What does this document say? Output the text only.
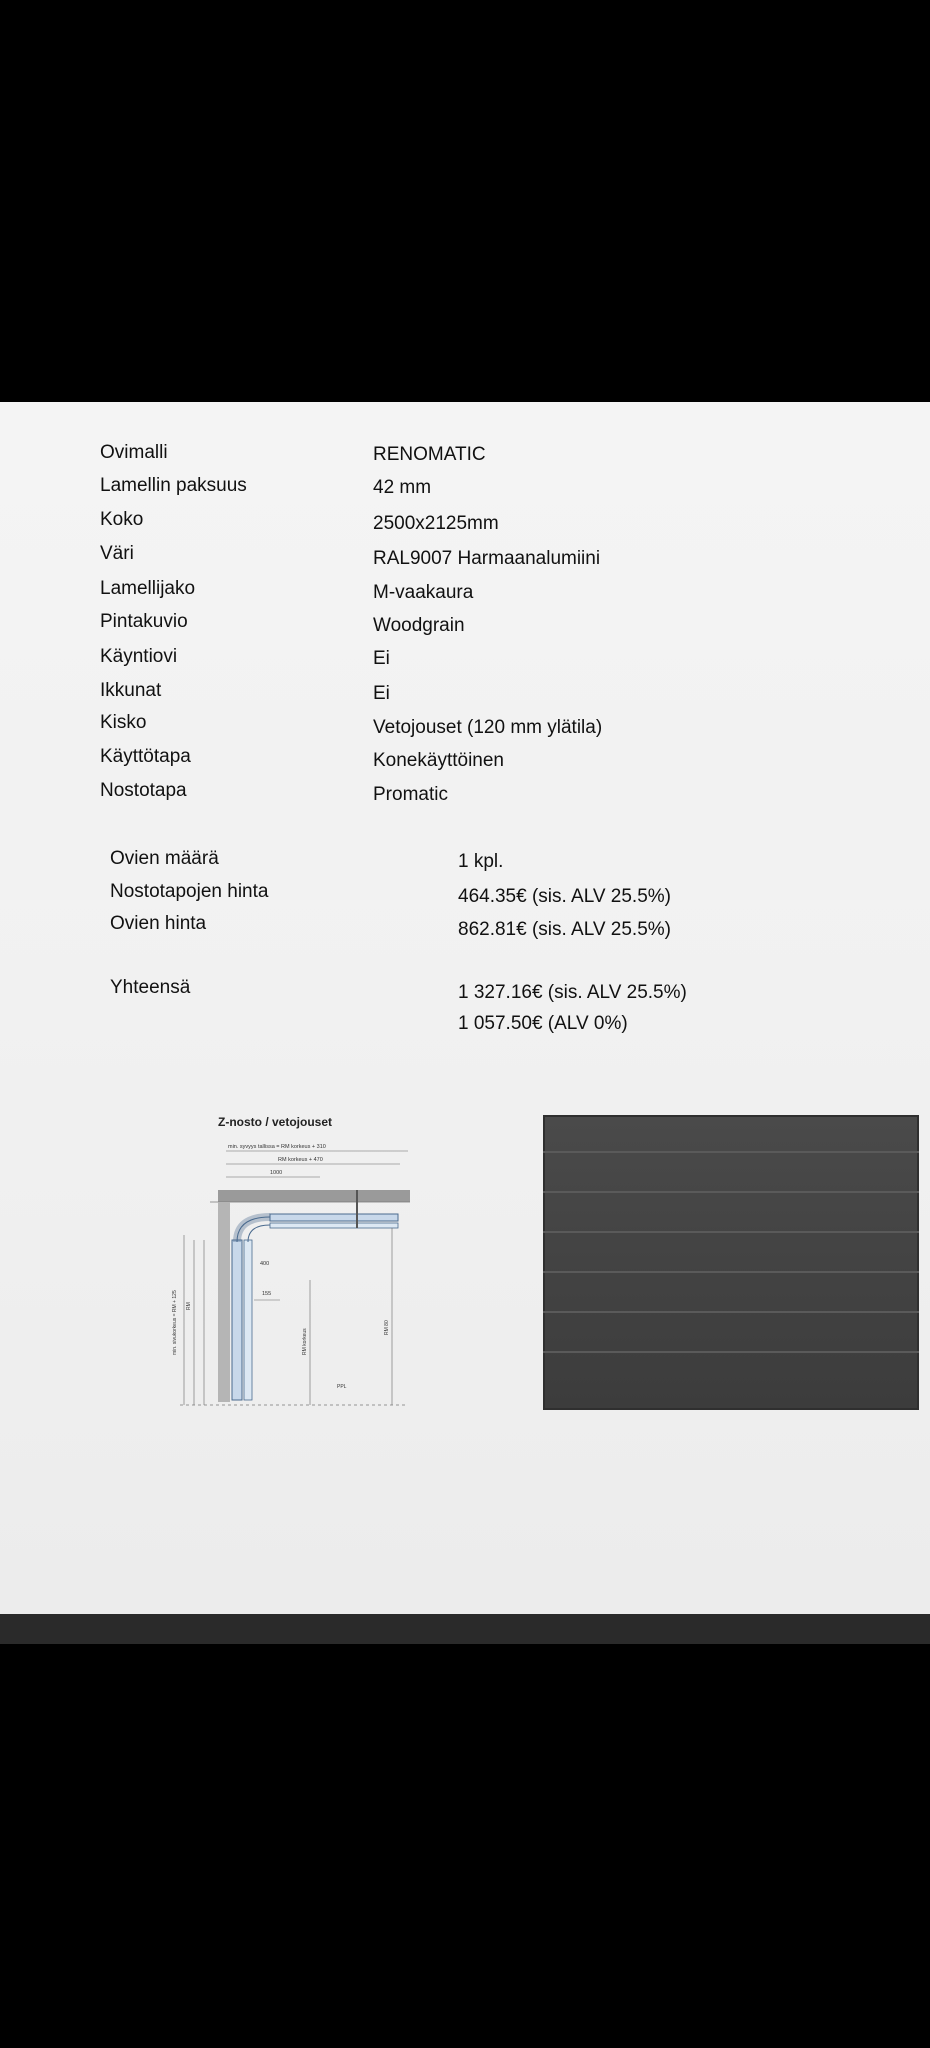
Ovimalli	RENOMATIC
Lamellin paksuus	42 mm
Koko	2500x2125mm
Väri	RAL9007 Harmaanalumiini
Lamellijako	M-vaakaura
Pintakuvio	Woodgrain
Käyntiovi	Ei
Ikkunat	Ei
Kisko	Vetojouset (120 mm ylätila)
Käyttötapa	Konekäyttöinen
Nostotapa	Promatic
Ovien määrä	1 kpl.
Nostotapojen hinta	464.35€ (sis. ALV 25.5%)
Ovien hinta	862.81€ (sis. ALV 25.5%)
Yhteensä	1 327.16€ (sis. ALV 25.5%)
1 057.50€ (ALV 0%)
Z-nosto / vetojouset
min. syvyys tallissa = RM korkeus + 310
RM korkeus + 470
1000
400
155
min. sivukorkeus = RM + 125 RM
RM korkeus
RM 80
PPL
